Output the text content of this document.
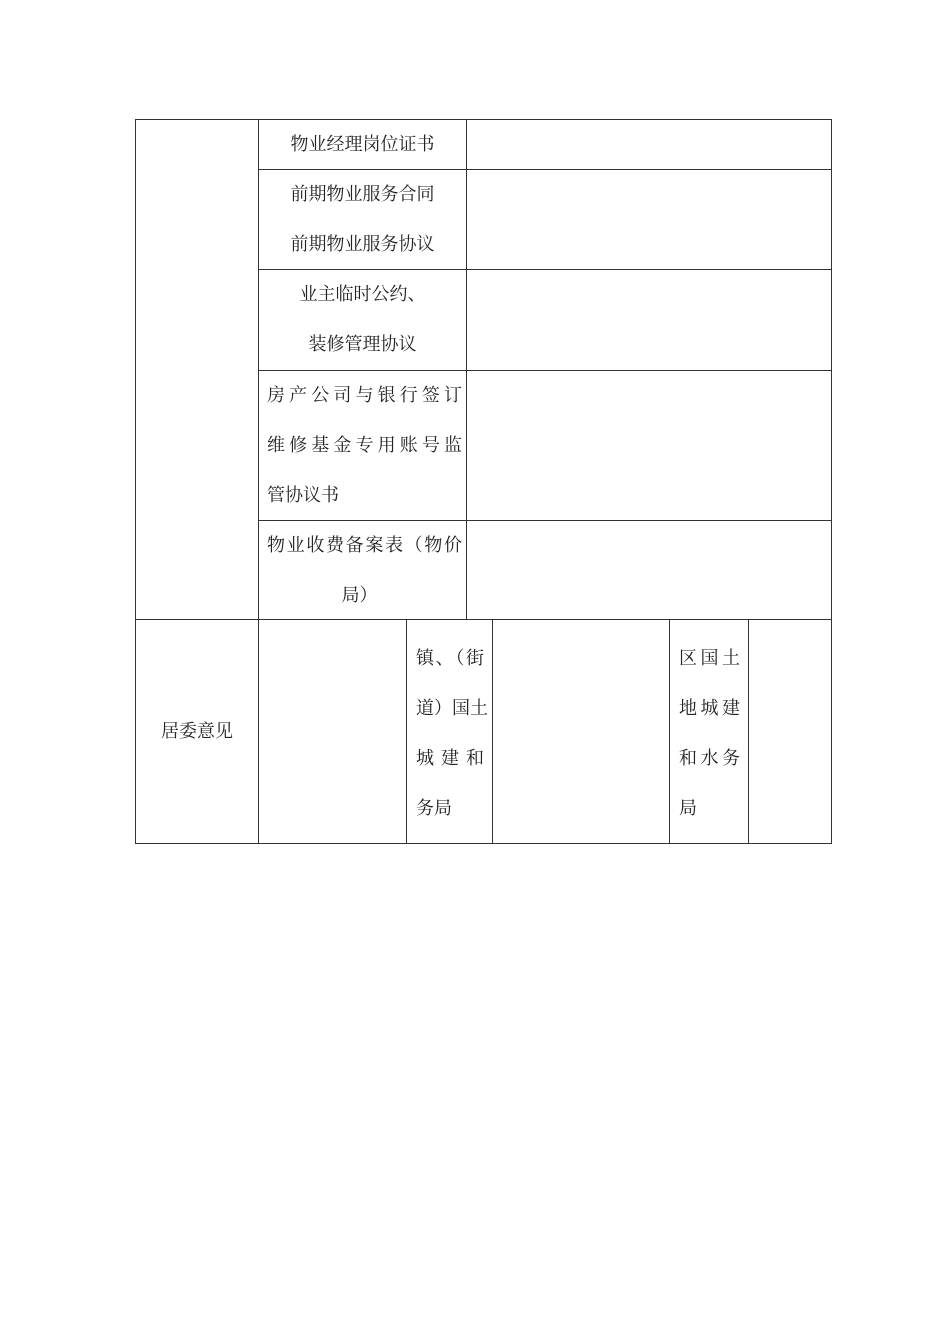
物业经理岗位证书
前期物业服务合同
前期物业服务协议
业主临时公约、
装修管理协议
房产公司与银行签订
维修基金专用账号监
管协议书
物业收费备案表（物价
局）
居委意见
镇、（街
道）国土
城 建 和
务局
区国土
地城建
和水务
局
